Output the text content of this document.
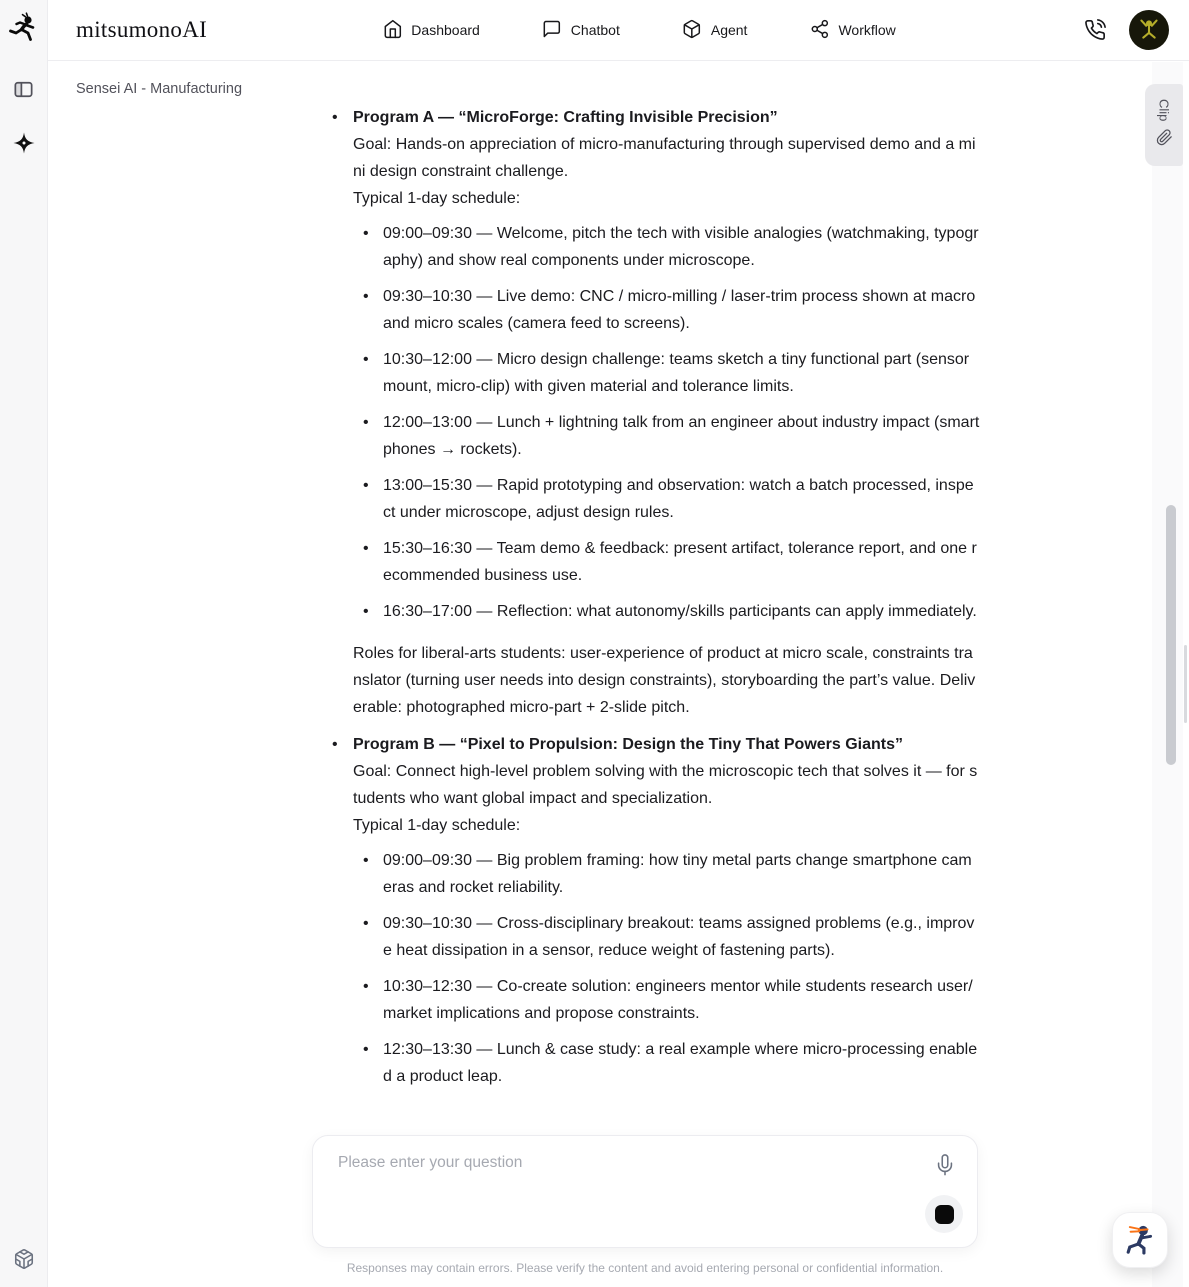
mitsumonoAI	Dashboard	Chatbot	Agent	Workflow
Sensei AI - Manufacturing
• Program A — “MicroForge: Crafting Invisible Precision”
Goal: Hands-on appreciation of micro-manufacturing through supervised demo and a mini design constraint challenge.
Typical 1-day schedule:
• 09:00–09:30 — Welcome, pitch the tech with visible analogies (watchmaking, typography) and show real components under microscope.
• 09:30–10:30 — Live demo: CNC / micro-milling / laser-trim process shown at macro and micro scales (camera feed to screens).
• 10:30–12:00 — Micro design challenge: teams sketch a tiny functional part (sensor mount, micro-clip) with given material and tolerance limits.
• 12:00–13:00 — Lunch + lightning talk from an engineer about industry impact (smartphones → rockets).
• 13:00–15:30 — Rapid prototyping and observation: watch a batch processed, inspect under microscope, adjust design rules.
• 15:30–16:30 — Team demo & feedback: present artifact, tolerance report, and one recommended business use.
• 16:30–17:00 — Reflection: what autonomy/skills participants can apply immediately.

Roles for liberal-arts students: user-experience of product at micro scale, constraints translator (turning user needs into design constraints), storyboarding the part’s value. Deliverable: photographed micro-part + 2-slide pitch.

• Program B — “Pixel to Propulsion: Design the Tiny That Powers Giants”
Goal: Connect high-level problem solving with the microscopic tech that solves it — for students who want global impact and specialization.
Typical 1-day schedule:
• 09:00–09:30 — Big problem framing: how tiny metal parts change smartphone cameras and rocket reliability.
• 09:30–10:30 — Cross-disciplinary breakout: teams assigned problems (e.g., improve heat dissipation in a sensor, reduce weight of fastening parts).
• 10:30–12:30 — Co-create solution: engineers mentor while students research user/market implications and propose constraints.
• 12:30–13:30 — Lunch & case study: a real example where micro-processing enabled a product leap.
Please enter your question
Responses may contain errors. Please verify the content and avoid entering personal or confidential information.
Clip
